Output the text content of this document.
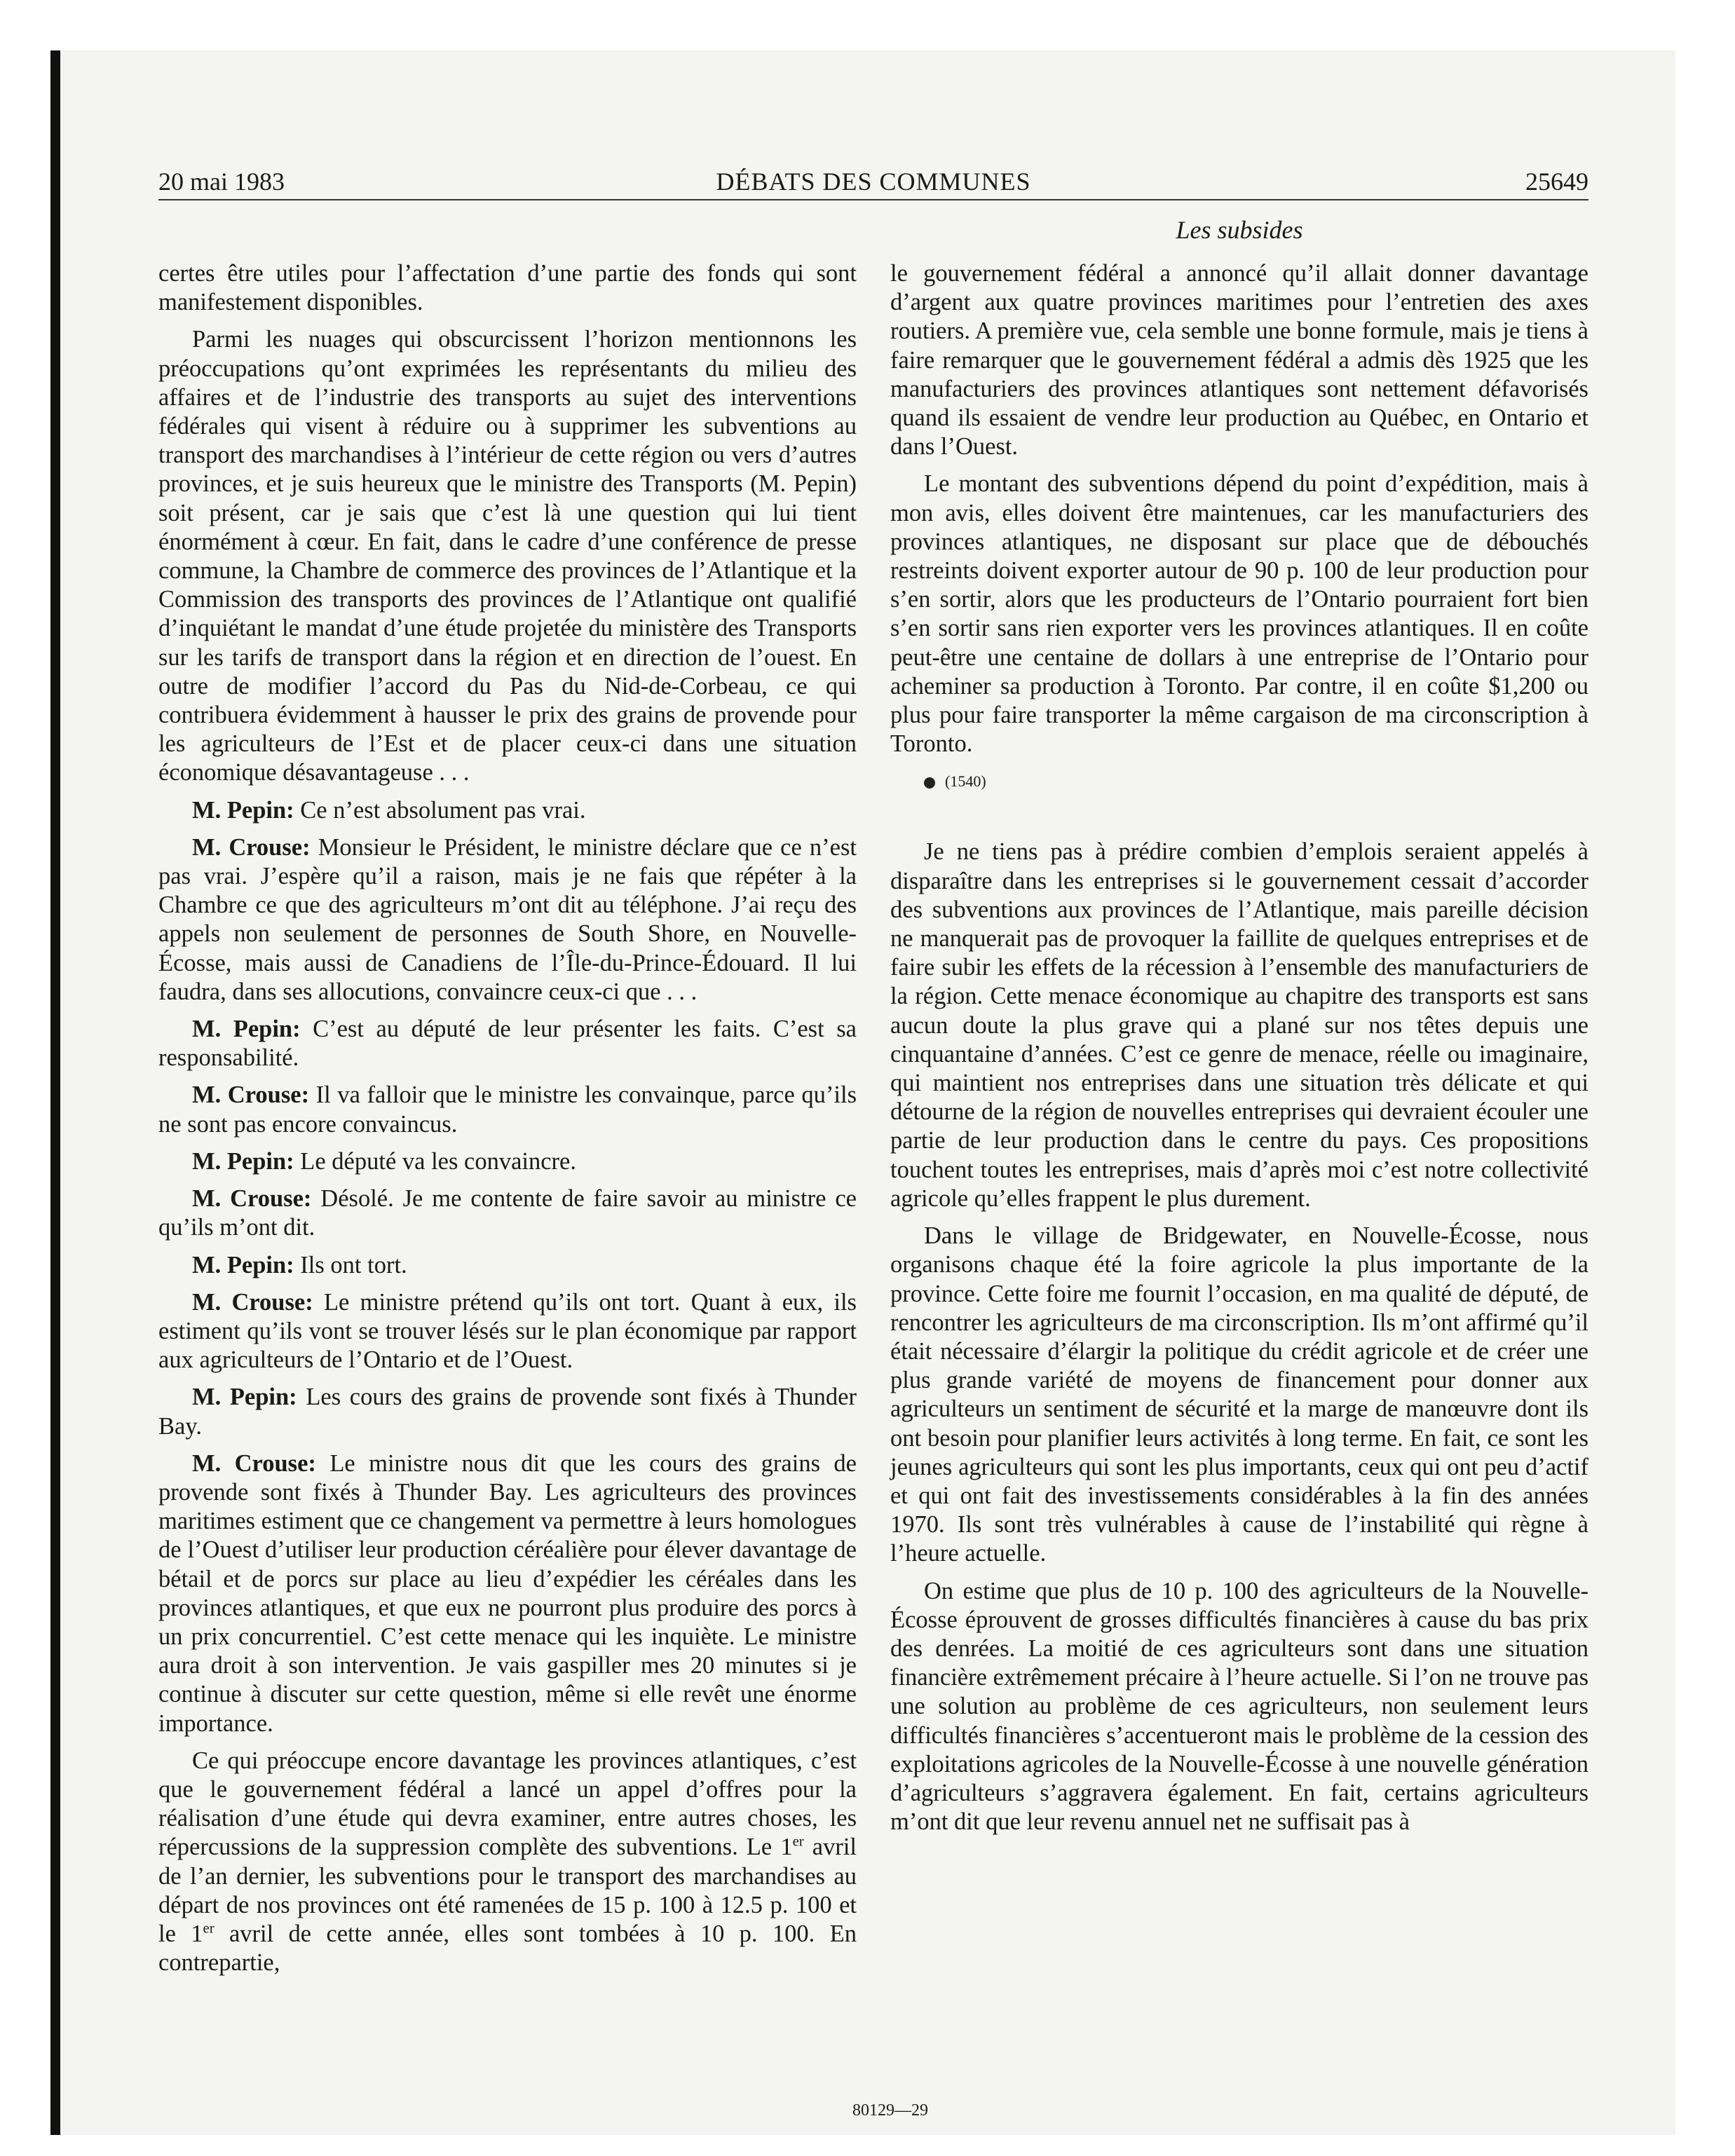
20 mai 1983	DÉBATS DES COMMUNES	25649
Les subsides

certes être utiles pour l’affectation d’une partie des fonds qui sont manifestement disponibles.

Parmi les nuages qui obscurcissent l’horizon mentionnons les préoccupations qu’ont exprimées les représentants du milieu des affaires et de l’industrie des transports au sujet des interventions fédérales qui visent à réduire ou à supprimer les subventions au transport des marchandises à l’intérieur de cette région ou vers d’autres provinces, et je suis heureux que le ministre des Transports (M. Pepin) soit présent, car je sais que c’est là une question qui lui tient énormément à cœur. En fait, dans le cadre d’une conférence de presse commune, la Chambre de commerce des provinces de l’Atlantique et la Commission des transports des provinces de l’Atlantique ont qualifié d’inquiétant le mandat d’une étude projetée du ministère des Transports sur les tarifs de transport dans la région et en direction de l’ouest. En outre de modifier l’accord du Pas du Nid-de-Corbeau, ce qui contribuera évidemment à hausser le prix des grains de provende pour les agriculteurs de l’Est et de placer ceux-ci dans une situation économique désavantageuse . . .

M. Pepin: Ce n’est absolument pas vrai.

M. Crouse: Monsieur le Président, le ministre déclare que ce n’est pas vrai. J’espère qu’il a raison, mais je ne fais que répéter à la Chambre ce que des agriculteurs m’ont dit au téléphone. J’ai reçu des appels non seulement de personnes de South Shore, en Nouvelle-Écosse, mais aussi de Canadiens de l’Île-du-Prince-Édouard. Il lui faudra, dans ses allocutions, convaincre ceux-ci que . . .

M. Pepin: C’est au député de leur présenter les faits. C’est sa responsabilité.

M. Crouse: Il va falloir que le ministre les convainque, parce qu’ils ne sont pas encore convaincus.

M. Pepin: Le député va les convaincre.

M. Crouse: Désolé. Je me contente de faire savoir au ministre ce qu’ils m’ont dit.

M. Pepin: Ils ont tort.

M. Crouse: Le ministre prétend qu’ils ont tort. Quant à eux, ils estiment qu’ils vont se trouver lésés sur le plan économique par rapport aux agriculteurs de l’Ontario et de l’Ouest.

M. Pepin: Les cours des grains de provende sont fixés à Thunder Bay.

M. Crouse: Le ministre nous dit que les cours des grains de provende sont fixés à Thunder Bay. Les agriculteurs des provinces maritimes estiment que ce changement va permettre à leurs homologues de l’Ouest d’utiliser leur production céréalière pour élever davantage de bétail et de porcs sur place au lieu d’expédier les céréales dans les provinces atlantiques, et que eux ne pourront plus produire des porcs à un prix concurrentiel. C’est cette menace qui les inquiète. Le ministre aura droit à son intervention. Je vais gaspiller mes 20 minutes si je continue à discuter sur cette question, même si elle revêt une énorme importance.

Ce qui préoccupe encore davantage les provinces atlantiques, c’est que le gouvernement fédéral a lancé un appel d’offres pour la réalisation d’une étude qui devra examiner, entre autres choses, les répercussions de la suppression complète des subventions. Le 1er avril de l’an dernier, les subventions pour le transport des marchandises au départ de nos provinces ont été ramenées de 15 p. 100 à 12.5 p. 100 et le 1er avril de cette année, elles sont tombées à 10 p. 100. En contrepartie,

le gouvernement fédéral a annoncé qu’il allait donner davantage d’argent aux quatre provinces maritimes pour l’entretien des axes routiers. A première vue, cela semble une bonne formule, mais je tiens à faire remarquer que le gouvernement fédéral a admis dès 1925 que les manufacturiers des provinces atlantiques sont nettement défavorisés quand ils essaient de vendre leur production au Québec, en Ontario et dans l’Ouest.

Le montant des subventions dépend du point d’expédition, mais à mon avis, elles doivent être maintenues, car les manufacturiers des provinces atlantiques, ne disposant sur place que de débouchés restreints doivent exporter autour de 90 p. 100 de leur production pour s’en sortir, alors que les producteurs de l’Ontario pourraient fort bien s’en sortir sans rien exporter vers les provinces atlantiques. Il en coûte peut-être une centaine de dollars à une entreprise de l’Ontario pour acheminer sa production à Toronto. Par contre, il en coûte $1,200 ou plus pour faire transporter la même cargaison de ma circonscription à Toronto.

(1540)

Je ne tiens pas à prédire combien d’emplois seraient appelés à disparaître dans les entreprises si le gouvernement cessait d’accorder des subventions aux provinces de l’Atlantique, mais pareille décision ne manquerait pas de provoquer la faillite de quelques entreprises et de faire subir les effets de la récession à l’ensemble des manufacturiers de la région. Cette menace économique au chapitre des transports est sans aucun doute la plus grave qui a plané sur nos têtes depuis une cinquantaine d’années. C’est ce genre de menace, réelle ou imaginaire, qui maintient nos entreprises dans une situation très délicate et qui détourne de la région de nouvelles entreprises qui devraient écouler une partie de leur production dans le centre du pays. Ces propositions touchent toutes les entreprises, mais d’après moi c’est notre collectivité agricole qu’elles frappent le plus durement.

Dans le village de Bridgewater, en Nouvelle-Écosse, nous organisons chaque été la foire agricole la plus importante de la province. Cette foire me fournit l’occasion, en ma qualité de député, de rencontrer les agriculteurs de ma circonscription. Ils m’ont affirmé qu’il était nécessaire d’élargir la politique du crédit agricole et de créer une plus grande variété de moyens de financement pour donner aux agriculteurs un sentiment de sécurité et la marge de manœuvre dont ils ont besoin pour planifier leurs activités à long terme. En fait, ce sont les jeunes agriculteurs qui sont les plus importants, ceux qui ont peu d’actif et qui ont fait des investissements considérables à la fin des années 1970. Ils sont très vulnérables à cause de l’instabilité qui règne à l’heure actuelle.

On estime que plus de 10 p. 100 des agriculteurs de la Nouvelle-Écosse éprouvent de grosses difficultés financières à cause du bas prix des denrées. La moitié de ces agriculteurs sont dans une situation financière extrêmement précaire à l’heure actuelle. Si l’on ne trouve pas une solution au problème de ces agriculteurs, non seulement leurs difficultés financières s’accentueront mais le problème de la cession des exploitations agricoles de la Nouvelle-Écosse à une nouvelle génération d’agriculteurs s’aggravera également. En fait, certains agriculteurs m’ont dit que leur revenu annuel net ne suffisait pas à

80129—29
